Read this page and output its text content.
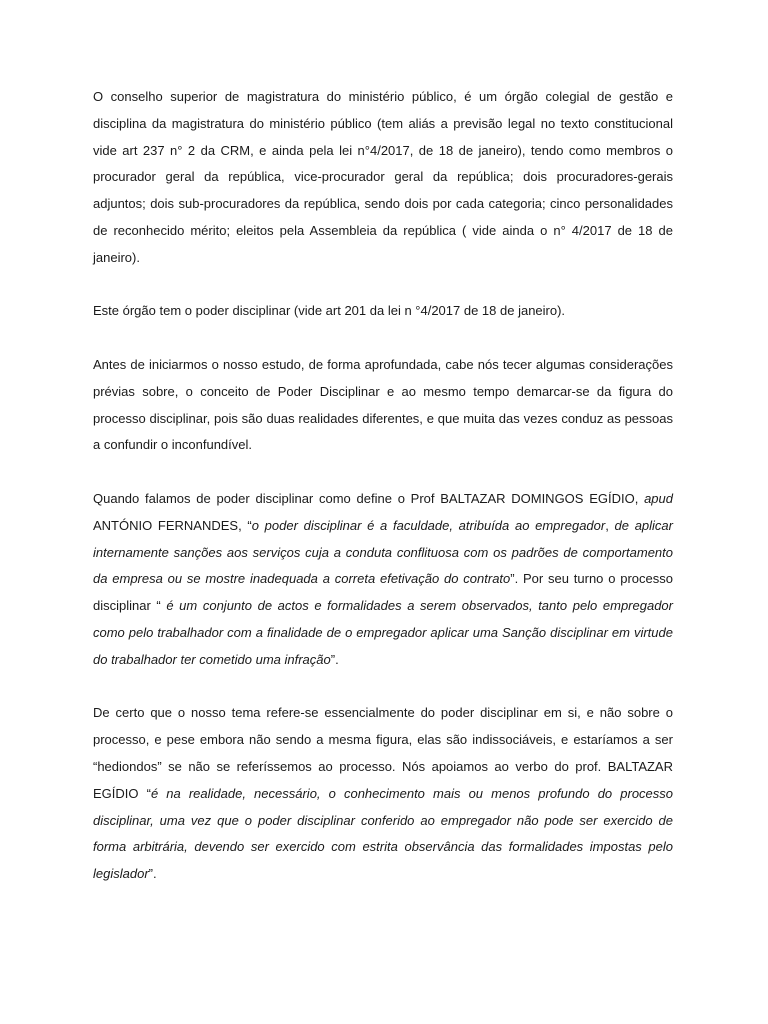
O conselho superior de magistratura do ministério público, é um órgão colegial de gestão e disciplina da magistratura do ministério público (tem aliás a previsão legal no texto constitucional vide art 237 n° 2 da CRM, e ainda pela lei n°4/2017, de 18 de janeiro), tendo como membros o procurador geral da república, vice-procurador geral da república; dois procuradores-gerais adjuntos; dois sub-procuradores da república, sendo dois por cada categoria; cinco personalidades de reconhecido mérito; eleitos pela Assembleia da república ( vide ainda o n° 4/2017 de 18 de janeiro).

Este órgão tem o poder disciplinar (vide art 201 da lei n °4/2017 de 18 de janeiro).

Antes de iniciarmos o nosso estudo, de forma aprofundada, cabe nós tecer algumas considerações prévias sobre, o conceito de Poder Disciplinar e ao mesmo tempo demarcar-se da figura do processo disciplinar, pois são duas realidades diferentes, e que muita das vezes conduz as pessoas a confundir o inconfundível.

Quando falamos de poder disciplinar como define o Prof BALTAZAR DOMINGOS EGÍDIO, apud ANTÓNIO FERNANDES, “o poder disciplinar é a faculdade, atribuída ao empregador, de aplicar internamente sanções aos serviços cuja a conduta conflituosa com os padrões de comportamento da empresa ou se mostre inadequada a correta efetivação do contrato”. Por seu turno o processo disciplinar “ é um conjunto de actos e formalidades a serem observados, tanto pelo empregador como pelo trabalhador com a finalidade de o empregador aplicar uma Sanção disciplinar em virtude do trabalhador ter cometido uma infração”.

De certo que o nosso tema refere-se essencialmente do poder disciplinar em si, e não sobre o processo, e pese embora não sendo a mesma figura, elas são indissociáveis, e estaríamos a ser “hediondos” se não se referíssemos ao processo. Nós apoiamos ao verbo do prof. BALTAZAR EGÍDIO “é na realidade, necessário, o conhecimento mais ou menos profundo do processo disciplinar, uma vez que o poder disciplinar conferido ao empregador não pode ser exercido de forma arbitrária, devendo ser exercido com estrita observância das formalidades impostas pelo legislador”.
